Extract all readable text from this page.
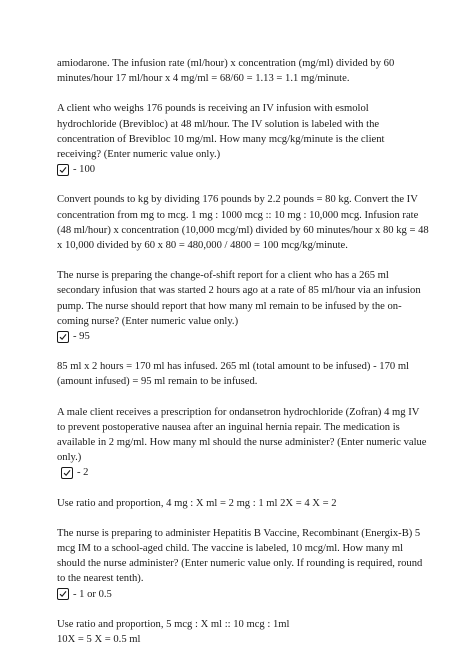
amiodarone. The infusion rate (ml/hour) x concentration (mg/ml) divided by 60 minutes/hour 17 ml/hour x 4 mg/ml = 68/60 = 1.13 = 1.1 mg/minute.

A client who weighs 176 pounds is receiving an IV infusion with esmolol hydrochloride (Brevibloc) at 48 ml/hour. The IV solution is labeled with the concentration of Brevibloc 10 mg/ml. How many mcg/kg/minute is the client receiving? (Enter numeric value only.)

- 100

Convert pounds to kg by dividing 176 pounds by 2.2 pounds = 80 kg. Convert the IV concentration from mg to mcg. 1 mg : 1000 mcg :: 10 mg : 10,000 mcg. Infusion rate (48 ml/hour) x concentration (10,000 mcg/ml) divided by 60 minutes/hour x 80 kg = 48 x 10,000 divided by 60 x 80 = 480,000 / 4800 = 100 mcg/kg/minute.

The nurse is preparing the change-of-shift report for a client who has a 265 ml secondary infusion that was started 2 hours ago at a rate of 85 ml/hour via an infusion pump. The nurse should report that how many ml remain to be infused by the on-coming nurse? (Enter numeric value only.)

- 95

85 ml x 2 hours = 170 ml has infused. 265 ml (total amount to be infused) - 170 ml (amount infused) = 95 ml remain to be infused.

A male client receives a prescription for ondansetron hydrochloride (Zofran) 4 mg IV to prevent postoperative nausea after an inguinal hernia repair. The medication is available in 2 mg/ml. How many ml should the nurse administer? (Enter numeric value only.)

- 2

Use ratio and proportion, 4 mg : X ml = 2 mg : 1 ml 2X = 4 X = 2

The nurse is preparing to administer Hepatitis B Vaccine, Recombinant (Energix-B) 5 mcg IM to a school-aged child. The vaccine is labeled, 10 mcg/ml. How many ml should the nurse administer? (Enter numeric value only. If rounding is required, round to the nearest tenth).

- 1 or 0.5
Use ratio and proportion, 5 mcg : X ml :: 10 mcg : 1ml
10X = 5 X = 0.5 ml
